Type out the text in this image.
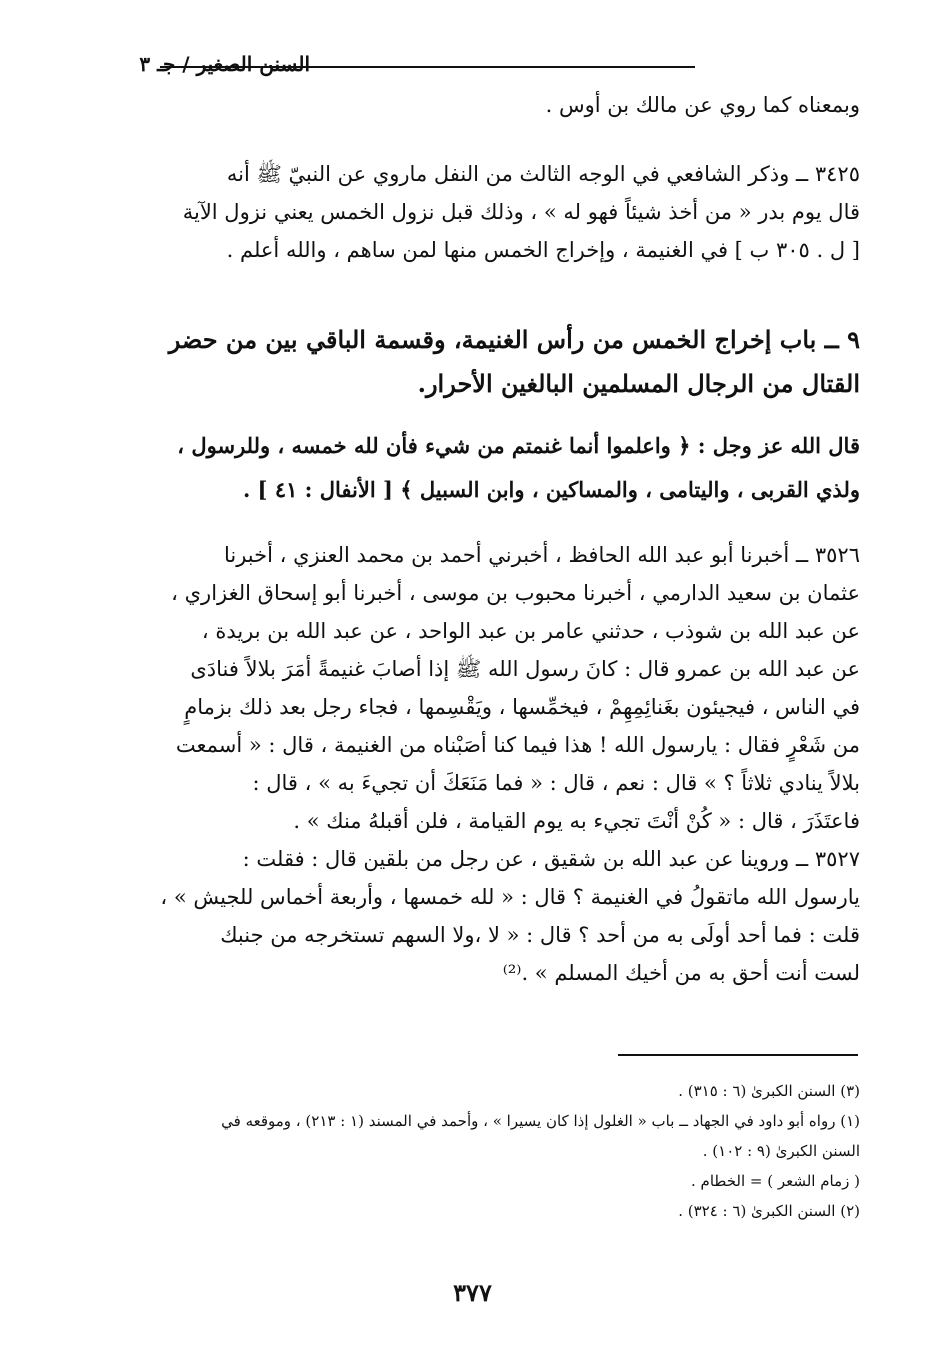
السنن الصغير / جـ ٣
وبمعناه كما روي عن مالك بن أوس .
٣٤٢٥ ــ وذكر الشافعي في الوجه الثالث من النفل ماروي عن النبيّ ﷺ أنه
قال يوم بدر « من أخذ شيئاً فهو له » ، وذلك قبل نزول الخمس يعني نزول الآية
[ ل . ٣٠٥ ب ] في الغنيمة ، وإخراج الخمس منها لمن ساهم ، والله أعلم .
٩ ــ باب إخراج الخمس من رأس الغنيمة، وقسمة الباقي بين من حضر
القتال من الرجال المسلمين البالغين الأحرار.
قال الله عز وجل : ﴿ واعلموا أنما غنمتم من شيء فأن لله خمسه ، وللرسول ،
ولذي القربى ، واليتامى ، والمساكين ، وابن السبيل ﴾ [ الأنفال : ٤١ ] .
٣٥٢٦ ــ أخبرنا أبو عبد الله الحافظ ، أخبرني أحمد بن محمد العنزي ، أخبرنا
عثمان بن سعيد الدارمي ، أخبرنا محبوب بن موسى ، أخبرنا أبو إسحاق الغزاري ،
عن عبد الله بن شوذب ، حدثني عامر بن عبد الواحد ، عن عبد الله بن بريدة ،
عن عبد الله بن عمرو قال : كانَ رسول الله ﷺ إذا أصابَ غنيمةً أمَرَ بلالاً فنادَى
في الناس ، فيجيئون بغَنائِمِهِمْ ، فيخمِّسها ، ويَقْسِمها ، فجاء رجل بعد ذلك بزمامٍ
من شَعْرٍ فقال : يارسول الله ! هذا فيما كنا أصَبْناه من الغنيمة ، قال : « أسمعت
بلالاً ينادي ثلاثاً ؟ » قال : نعم ، قال : « فما مَنَعَكَ أن تجيءَ به » ، قال :
فاعتَذَرَ ، قال : « كُنْ أنْتَ تجيء به يوم القيامة ، فلن أقبلهُ منك » .
٣٥٢٧ ــ وروينا عن عبد الله بن شقيق ، عن رجل من بلقين قال : فقلت :
يارسول الله ماتقولُ في الغنيمة ؟ قال : « لله خمسها ، وأربعة أخماس للجيش » ،
قلت : فما أحد أولَى به من أحد ؟ قال : « لا ،ولا السهم تستخرجه من جنبك
لست أنت أحق به من أخيك المسلم » .⁽²⁾
(٣) السنن الكبرىٰ (٦ : ٣١٥) .
(١) رواه أبو داود في الجهاد ــ باب « الغلول إذا كان يسيرا » ، وأحمد في المسند (١ : ٢١٣) ، وموقعه في
السنن الكبرىٰ (٩ : ١٠٢) .
( زمام الشعر ) = الخطام .
(٢) السنن الكبرىٰ (٦ : ٣٢٤) .
٣٧٧
